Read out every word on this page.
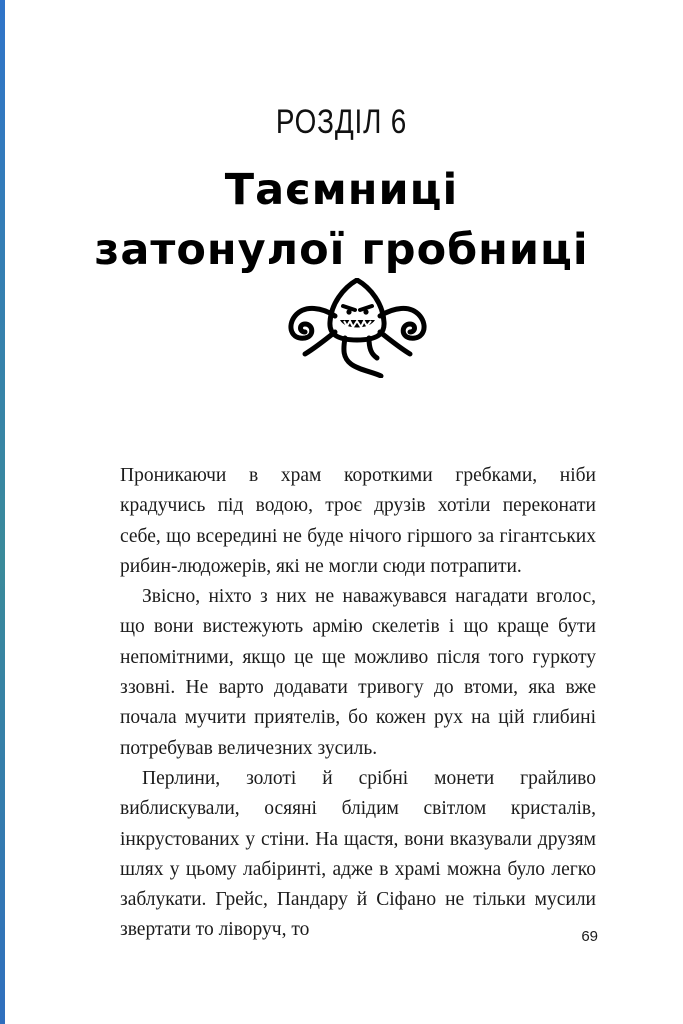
РОЗДІЛ 6
Таємниці
затонулої гробниці

Проникаючи в храм короткими гребками, ніби крадучись під водою, троє друзів хотіли переконати себе, що всередині не буде нічого гіршого за гігантських рибин-людожерів, які не могли сюди потрапити.

Звісно, ніхто з них не наважувався нагадати вголос, що вони вистежують армію скелетів і що краще бути непомітними, якщо це ще можливо після того гуркоту ззовні. Не варто додавати тривогу до втоми, яка вже почала мучити приятелів, бо кожен рух на цій глибині потребував величезних зусиль.

Перлини, золоті й срібні монети грайливо виблискували, осяяні блідим світлом кристалів, інкрустованих у стіни. На щастя, вони вказували друзям шлях у цьому лабіринті, адже в храмі можна було легко заблукати. Грейс, Пандару й Сіфано не тільки мусили звертати то ліворуч, то	69
